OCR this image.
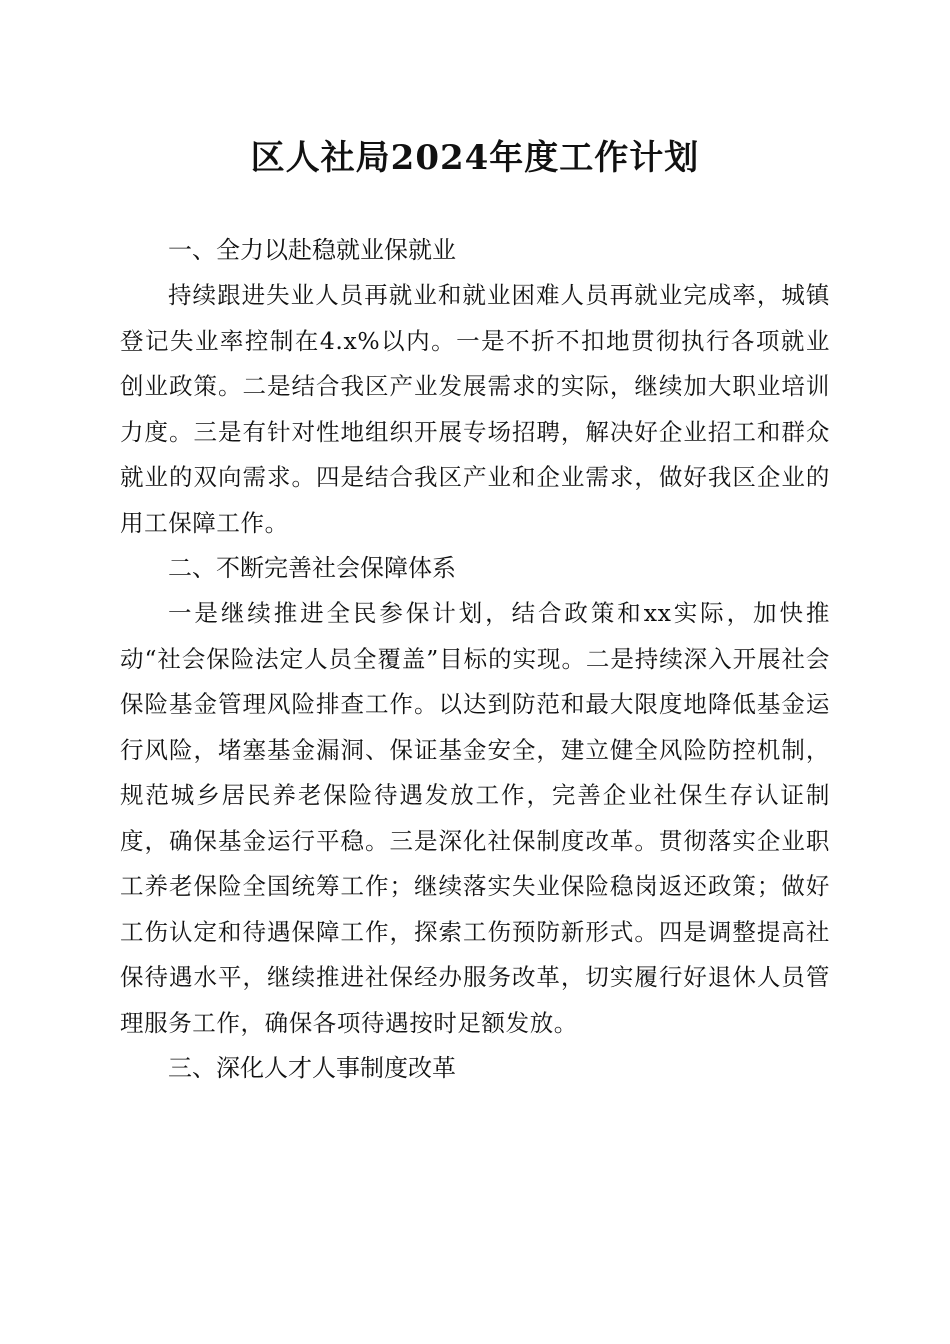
区人社局2024年度工作计划
一、全力以赴稳就业保就业

持续跟进失业人员再就业和就业困难人员再就业完成率，城镇登记失业率控制在4.x%以内。一是不折不扣地贯彻执行各项就业创业政策。二是结合我区产业发展需求的实际，继续加大职业培训力度。三是有针对性地组织开展专场招聘，解决好企业招工和群众就业的双向需求。四是结合我区产业和企业需求，做好我区企业的用工保障工作。

二、不断完善社会保障体系

一是继续推进全民参保计划，结合政策和xx实际，加快推动“社会保险法定人员全覆盖”目标的实现。二是持续深入开展社会保险基金管理风险排查工作。以达到防范和最大限度地降低基金运行风险，堵塞基金漏洞、保证基金安全，建立健全风险防控机制，规范城乡居民养老保险待遇发放工作，完善企业社保生存认证制度，确保基金运行平稳。三是深化社保制度改革。贯彻落实企业职工养老保险全国统筹工作；继续落实失业保险稳岗返还政策；做好工伤认定和待遇保障工作，探索工伤预防新形式。四是调整提高社保待遇水平，继续推进社保经办服务改革，切实履行好退休人员管理服务工作，确保各项待遇按时足额发放。

三、深化人才人事制度改革
